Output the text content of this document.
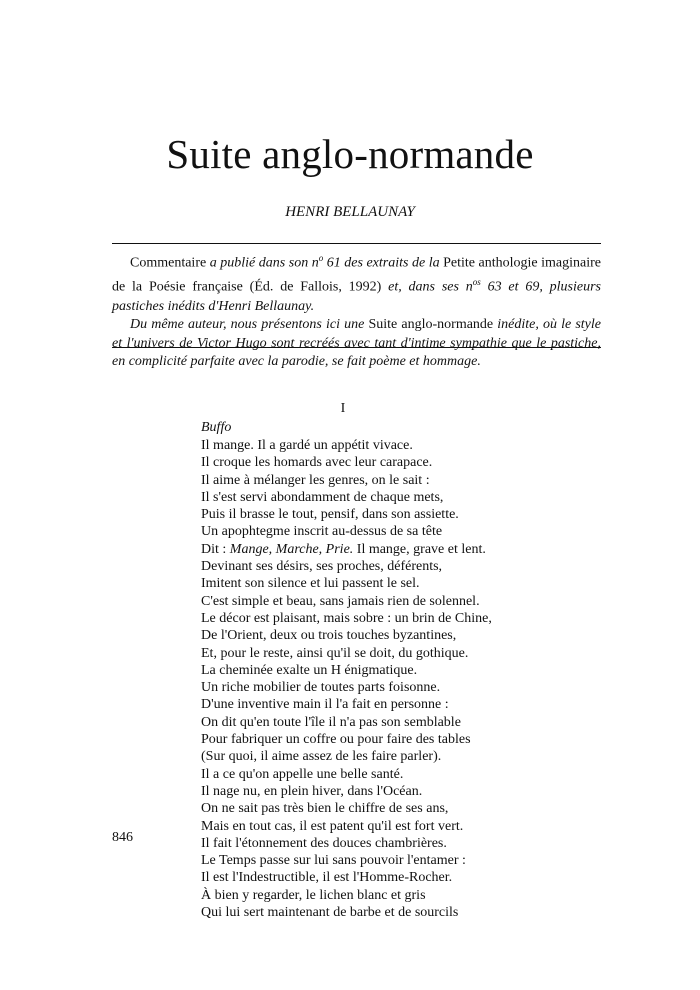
Suite anglo-normande
HENRI BELLAUNAY

Commentaire a publié dans son $n^o$ 61 des extraits de la Petite anthologie imaginaire de la Poésie française (Éd. de Fallois, 1992) et, dans ses $n^{os}$ 63 et 69, plusieurs pastiches inédits d'Henri Bellaunay.

Du même auteur, nous présentons ici une Suite anglo-normande inédite, où le style et l'univers de Victor Hugo sont recréés avec tant d'intime sympathie que le pastiche, en complicité parfaite avec la parodie, se fait poème et hommage.

I
Buffo
Il mange. Il a gardé un appétit vivace.
Il croque les homards avec leur carapace.
Il aime à mélanger les genres, on le sait :
Il s'est servi abondamment de chaque mets,
Puis il brasse le tout, pensif, dans son assiette.
Un apophtegme inscrit au-dessus de sa tête
Dit : Mange, Marche, Prie. Il mange, grave et lent.
Devinant ses désirs, ses proches, déférents,
Imitent son silence et lui passent le sel.
C'est simple et beau, sans jamais rien de solennel.
Le décor est plaisant, mais sobre : un brin de Chine,
De l'Orient, deux ou trois touches byzantines,
Et, pour le reste, ainsi qu'il se doit, du gothique.
La cheminée exalte un H énigmatique.
Un riche mobilier de toutes parts foisonne.
D'une inventive main il l'a fait en personne :
On dit qu'en toute l'île il n'a pas son semblable
Pour fabriquer un coffre ou pour faire des tables
(Sur quoi, il aime assez de les faire parler).
Il a ce qu'on appelle une belle santé.
Il nage nu, en plein hiver, dans l'Océan.
On ne sait pas très bien le chiffre de ses ans,
Mais en tout cas, il est patent qu'il est fort vert.
Il fait l'étonnement des douces chambrières.
Le Temps passe sur lui sans pouvoir l'entamer :
Il est l'Indestructible, il est l'Homme-Rocher.
À bien y regarder, le lichen blanc et gris
Qui lui sert maintenant de barbe et de sourcils
846
